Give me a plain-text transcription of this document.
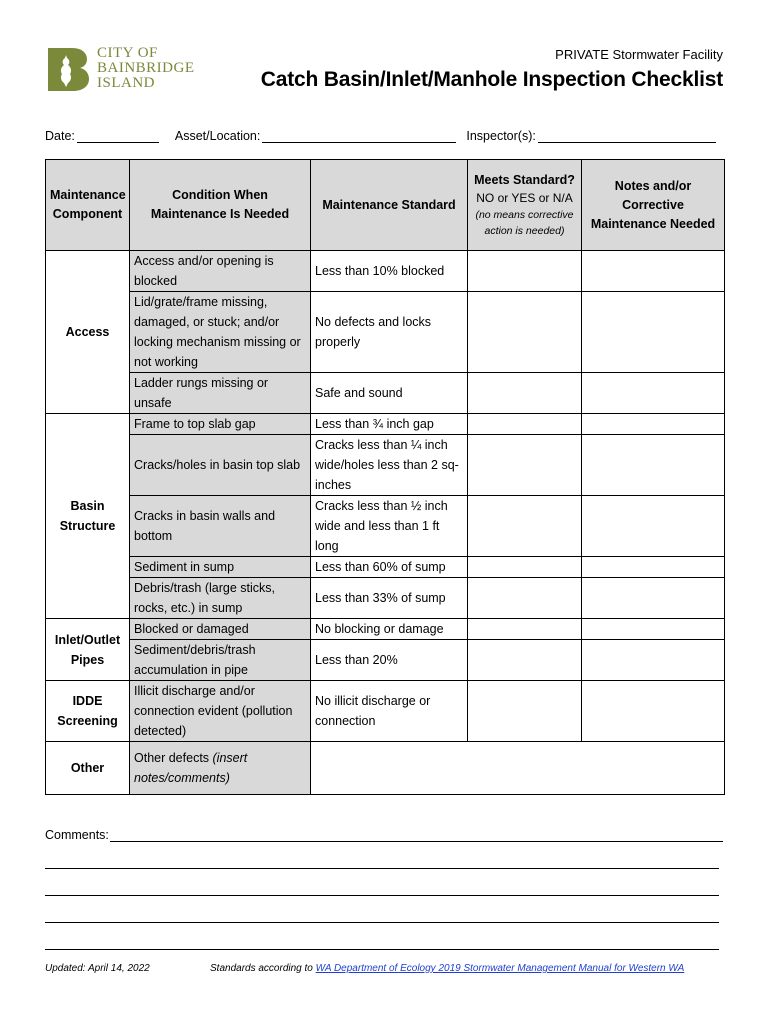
CITY OF
BAINBRIDGE
ISLAND
PRIVATE Stormwater Facility
Catch Basin/Inlet/Manhole Inspection Checklist
Date:	Asset/Location:	Inspector(s):
Maintenance Component	Condition When Maintenance Is Needed	Maintenance Standard	Meets Standard?
NO or YES or N/A
(no means corrective action is needed)	Notes and/or Corrective Maintenance Needed
Access	Access and/or opening is blocked	Less than 10% blocked		
	Lid/grate/frame missing, damaged, or stuck; and/or locking mechanism missing or not working	No defects and locks properly		
	Ladder rungs missing or unsafe	Safe and sound		
Basin Structure	Frame to top slab gap	Less than ¾ inch gap		
	Cracks/holes in basin top slab	Cracks less than ¼ inch wide/holes less than 2 sq-inches		
	Cracks in basin walls and bottom	Cracks less than ½ inch wide and less than 1 ft long		
	Sediment in sump	Less than 60% of sump		
	Debris/trash (large sticks, rocks, etc.) in sump	Less than 33% of sump		
Inlet/Outlet Pipes	Blocked or damaged	No blocking or damage		
	Sediment/debris/trash accumulation in pipe	Less than 20%		
IDDE Screening	Illicit discharge and/or connection evident (pollution detected)	No illicit discharge or connection		
Other	Other defects (insert notes/comments)			
Comments:
Updated: April 14, 2022	Standards according to WA Department of Ecology 2019 Stormwater Management Manual for Western WA
